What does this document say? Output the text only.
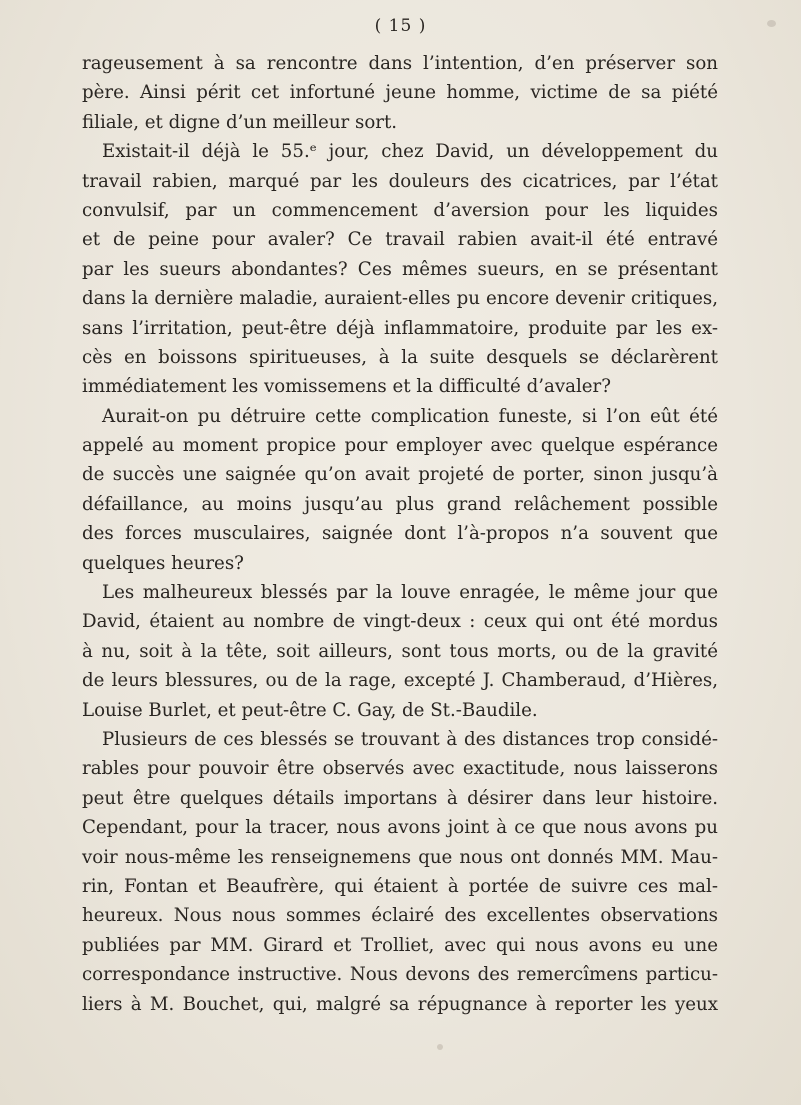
( 15 )
rageusement à sa rencontre dans l’intention, d’en préserver son
père. Ainsi périt cet infortuné jeune homme, victime de sa piété
filiale, et digne d’un meilleur sort.
Existait-il déjà le 55.ᵉ jour, chez David, un développement du
travail rabien, marqué par les douleurs des cicatrices, par l’état
convulsif, par un commencement d’aversion pour les liquides
et de peine pour avaler? Ce travail rabien avait-il été entravé
par les sueurs abondantes? Ces mêmes sueurs, en se présentant
dans la dernière maladie, auraient-elles pu encore devenir critiques,
sans l’irritation, peut-être déjà inflammatoire, produite par les ex-
cès en boissons spiritueuses, à la suite desquels se déclarèrent
immédiatement les vomissemens et la difficulté d’avaler?
Aurait-on pu détruire cette complication funeste, si l’on eût été
appelé au moment propice pour employer avec quelque espérance
de succès une saignée qu’on avait projeté de porter, sinon jusqu’à
défaillance, au moins jusqu’au plus grand relâchement possible
des forces musculaires, saignée dont l’à-propos n’a souvent que
quelques heures?
Les malheureux blessés par la louve enragée, le même jour que
David, étaient au nombre de vingt-deux : ceux qui ont été mordus
à nu, soit à la tête, soit ailleurs, sont tous morts, ou de la gravité
de leurs blessures, ou de la rage, excepté J. Chamberaud, d’Hières,
Louise Burlet, et peut-être C. Gay, de St.-Baudile.
Plusieurs de ces blessés se trouvant à des distances trop considé-
rables pour pouvoir être observés avec exactitude, nous laisserons
peut être quelques détails importans à désirer dans leur histoire.
Cependant, pour la tracer, nous avons joint à ce que nous avons pu
voir nous-même les renseignemens que nous ont donnés MM. Mau-
rin, Fontan et Beaufrère, qui étaient à portée de suivre ces mal-
heureux. Nous nous sommes éclairé des excellentes observations
publiées par MM. Girard et Trolliet, avec qui nous avons eu une
correspondance instructive. Nous devons des remercîmens particu-
liers à M. Bouchet, qui, malgré sa répugnance à reporter les yeux
